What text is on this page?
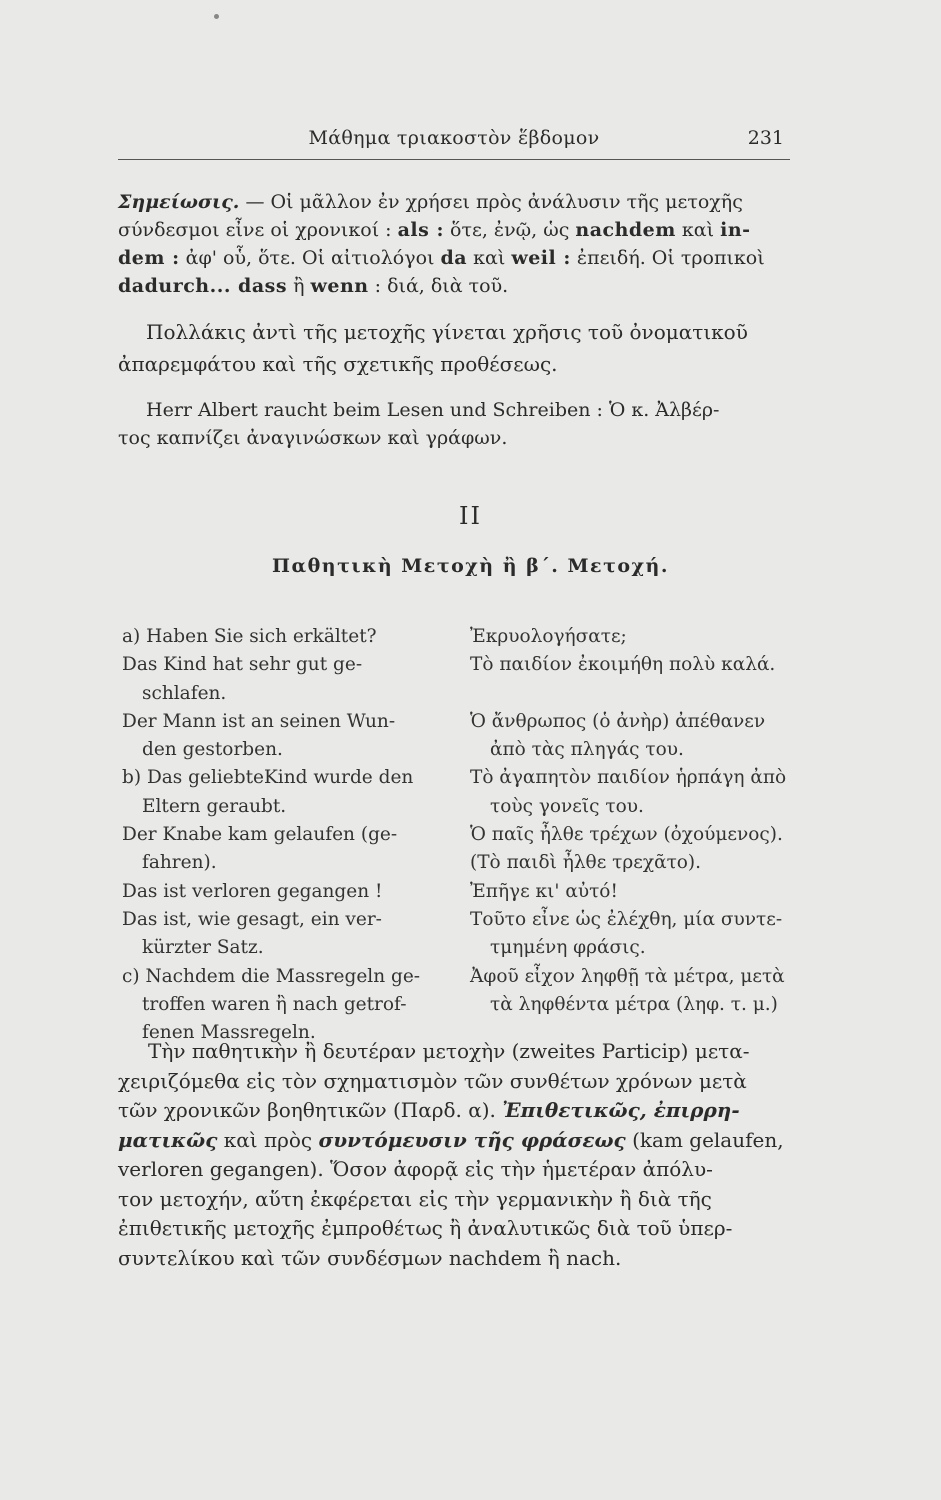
Μάθημα τριακοστὸν ἕβδομον	231
Σημείωσις. — Οἱ μᾶλλον ἐν χρήσει πρὸς ἀνάλυσιν τῆς μετοχῆς
σύνδεσμοι εἶνε οἱ χρονικοί : als : ὅτε, ἐνῷ, ὡς nachdem καὶ in-
dem : ἀφ' οὗ, ὅτε. Οἱ αἰτιολόγοι da καὶ weil : ἐπειδή. Οἱ τροπικοὶ
dadurch... dass ἢ wenn : διά, διὰ τοῦ.
Πολλάκις ἀντὶ τῆς μετοχῆς γίνεται χρῆσις τοῦ ὀνοματικοῦ
ἀπαρεμφάτου καὶ τῆς σχετικῆς προθέσεως.
Herr Albert raucht beim Lesen und Schreiben : Ὁ κ. Ἀλβέρ-
τος καπνίζει ἀναγινώσκων καὶ γράφων.
II
Παθητικὴ Μετοχὴ ἢ β΄. Μετοχή.
a) Haben Sie sich erkältet?
Das Kind hat sehr gut ge-
schlafen.
Der Mann ist an seinen Wun-
den gestorben.
b) Das geliebteKind wurde den
Eltern geraubt.
Der Knabe kam gelaufen (ge-
fahren).
Das ist verloren gegangen !
Das ist, wie gesagt, ein ver-
kürzter Satz.
c) Nachdem die Massregeln ge-
troffen waren ἢ nach getrof-
fenen Massregeln.
Ἐκρυολογήσατε;
Τὸ παιδίον ἐκοιμήθη πολὺ καλά.

Ὁ ἄνθρωπος (ὁ ἀνὴρ) ἀπέθανεν
ἀπὸ τὰς πληγάς του.
Τὸ ἀγαπητὸν παιδίον ἡρπάγη ἀπὸ
τοὺς γονεῖς του.
Ὁ παῖς ἦλθε τρέχων (ὀχούμενος).
(Τὸ παιδὶ ἦλθε τρεχᾶτο).
Ἐπῆγε κι' αὐτό!
Τοῦτο εἶνε ὡς ἐλέχθη, μία συντε-
τμημένη φράσις.
Ἀφοῦ εἶχον ληφθῇ τὰ μέτρα, μετὰ
τὰ ληφθέντα μέτρα (ληφ. τ. μ.)
Τὴν παθητικὴν ἢ δευτέραν μετοχὴν (zweites Particip) μετα-
χειριζόμεθα εἰς τὸν σχηματισμὸν τῶν συνθέτων χρόνων μετὰ
τῶν χρονικῶν βοηθητικῶν (Παρδ. α). Ἐπιθετικῶς, ἐπιρρη-
ματικῶς καὶ πρὸς συντόμευσιν τῆς φράσεως (kam gelaufen,
verloren gegangen). Ὅσον ἀφορᾷ εἰς τὴν ἡμετέραν ἀπόλυ-
τον μετοχήν, αὕτη ἐκφέρεται εἰς τὴν γερμανικὴν ἢ διὰ τῆς
ἐπιθετικῆς μετοχῆς ἐμπροθέτως ἢ ἀναλυτικῶς διὰ τοῦ ὑπερ-
συντελίκου καὶ τῶν συνδέσμων nachdem ἢ nach.
